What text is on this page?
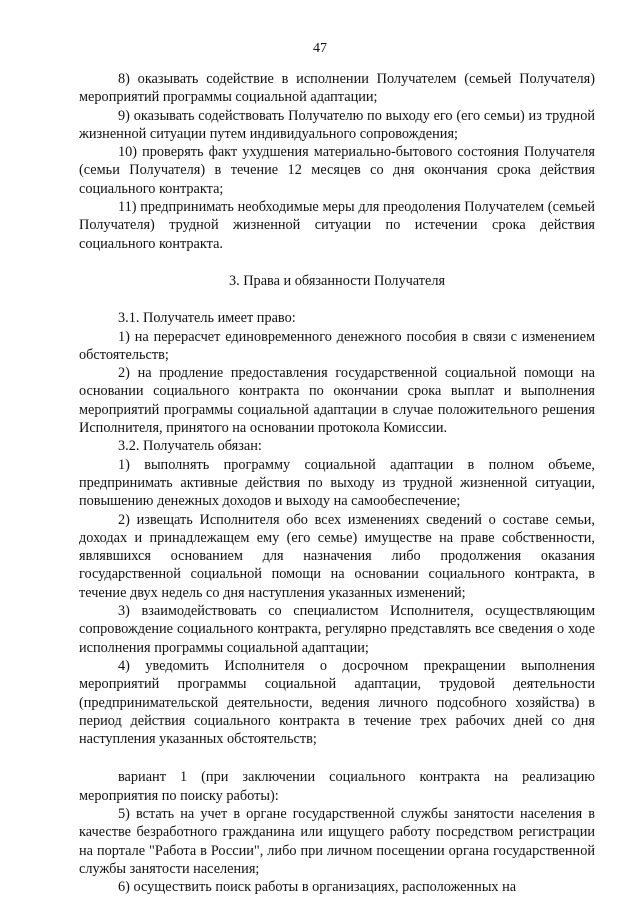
47

8) оказывать содействие в исполнении Получателем (семьей Получателя) мероприятий программы социальной адаптации;

9) оказывать содействовать Получателю по выходу его (его семьи) из трудной жизненной ситуации путем индивидуального сопровождения;

10) проверять факт ухудшения материально-бытового состояния Получателя (семьи Получателя) в течение 12 месяцев со дня окончания срока действия социального контракта;

11) предпринимать необходимые меры для преодоления Получателем (семьей Получателя) трудной жизненной ситуации по истечении срока действия социального контракта.

3. Права и обязанности Получателя

3.1. Получатель имеет право:

1) на перерасчет единовременного денежного пособия в связи с изменением обстоятельств;

2) на продление предоставления государственной социальной помощи на основании социального контракта по окончании срока выплат и выполнения мероприятий программы социальной адаптации в случае положительного решения Исполнителя, принятого на основании протокола Комиссии.

3.2. Получатель обязан:

1) выполнять программу социальной адаптации в полном объеме, предпринимать активные действия по выходу из трудной жизненной ситуации, повышению денежных доходов и выходу на самообеспечение;

2) извещать Исполнителя обо всех изменениях сведений о составе семьи, доходах и принадлежащем ему (его семье) имуществе на праве собственности, являвшихся основанием для назначения либо продолжения оказания государственной социальной помощи на основании социального контракта, в течение двух недель со дня наступления указанных изменений;

3) взаимодействовать со специалистом Исполнителя, осуществляющим сопровождение социального контракта, регулярно представлять все сведения о ходе исполнения программы социальной адаптации;

4) уведомить Исполнителя о досрочном прекращении выполнения мероприятий программы социальной адаптации, трудовой деятельности (предпринимательской деятельности, ведения личного подсобного хозяйства) в период действия социального контракта в течение трех рабочих дней со дня наступления указанных обстоятельств;

вариант 1 (при заключении социального контракта на реализацию мероприятия по поиску работы):

5) встать на учет в органе государственной службы занятости населения в качестве безработного гражданина или ищущего работу посредством регистрации на портале "Работа в России", либо при личном посещении органа государственной службы занятости населения;

6) осуществить поиск работы в организациях, расположенных на
